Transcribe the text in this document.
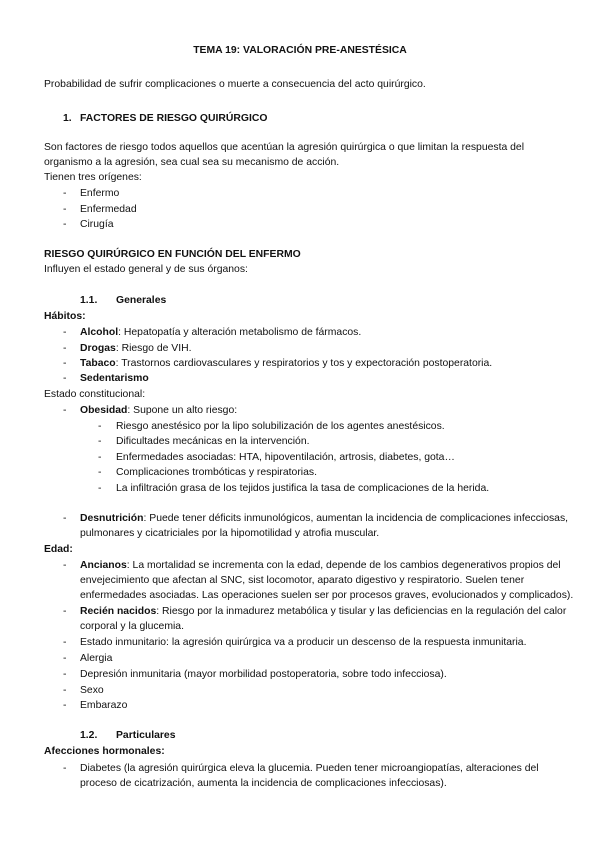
TEMA 19: VALORACIÓN PRE-ANESTÉSICA
Probabilidad de sufrir complicaciones o muerte a consecuencia del acto quirúrgico.
1. FACTORES DE RIESGO QUIRÚRGICO
Son factores de riesgo todos aquellos que acentúan la agresión quirúrgica o que limitan la respuesta del
organismo a la agresión, sea cual sea su mecanismo de acción.
Tienen tres orígenes:
- Enfermo
- Enfermedad
- Cirugía
RIESGO QUIRÚRGICO EN FUNCIÓN DEL ENFERMO
Influyen el estado general y de sus órganos:
1.1. Generales
Hábitos:
- Alcohol: Hepatopatía y alteración metabolismo de fármacos.
- Drogas: Riesgo de VIH.
- Tabaco: Trastornos cardiovasculares y respiratorios y tos y expectoración postoperatoria.
- Sedentarismo
Estado constitucional:
- Obesidad: Supone un alto riesgo:
- Riesgo anestésico por la lipo solubilización de los agentes anestésicos.
- Dificultades mecánicas en la intervención.
- Enfermedades asociadas: HTA, hipoventilación, artrosis, diabetes, gota…
- Complicaciones trombóticas y respiratorias.
- La infiltración grasa de los tejidos justifica la tasa de complicaciones de la herida.
- Desnutrición: Puede tener déficits inmunológicos, aumentan la incidencia de complicaciones infecciosas,
pulmonares y cicatriciales por la hipomotilidad y atrofia muscular.
Edad:
- Ancianos: La mortalidad se incrementa con la edad, depende de los cambios degenerativos propios del
envejecimiento que afectan al SNC, sist locomotor, aparato digestivo y respiratorio. Suelen tener
enfermedades asociadas. Las operaciones suelen ser por procesos graves, evolucionados y complicados).
- Recién nacidos: Riesgo por la inmadurez metabólica y tisular y las deficiencias en la regulación del calor
corporal y la glucemia.
- Estado inmunitario: la agresión quirúrgica va a producir un descenso de la respuesta inmunitaria.
- Alergia
- Depresión inmunitaria (mayor morbilidad postoperatoria, sobre todo infecciosa).
- Sexo
- Embarazo
1.2. Particulares
Afecciones hormonales:
- Diabetes (la agresión quirúrgica eleva la glucemia. Pueden tener microangiopatías, alteraciones del
proceso de cicatrización, aumenta la incidencia de complicaciones infecciosas).
